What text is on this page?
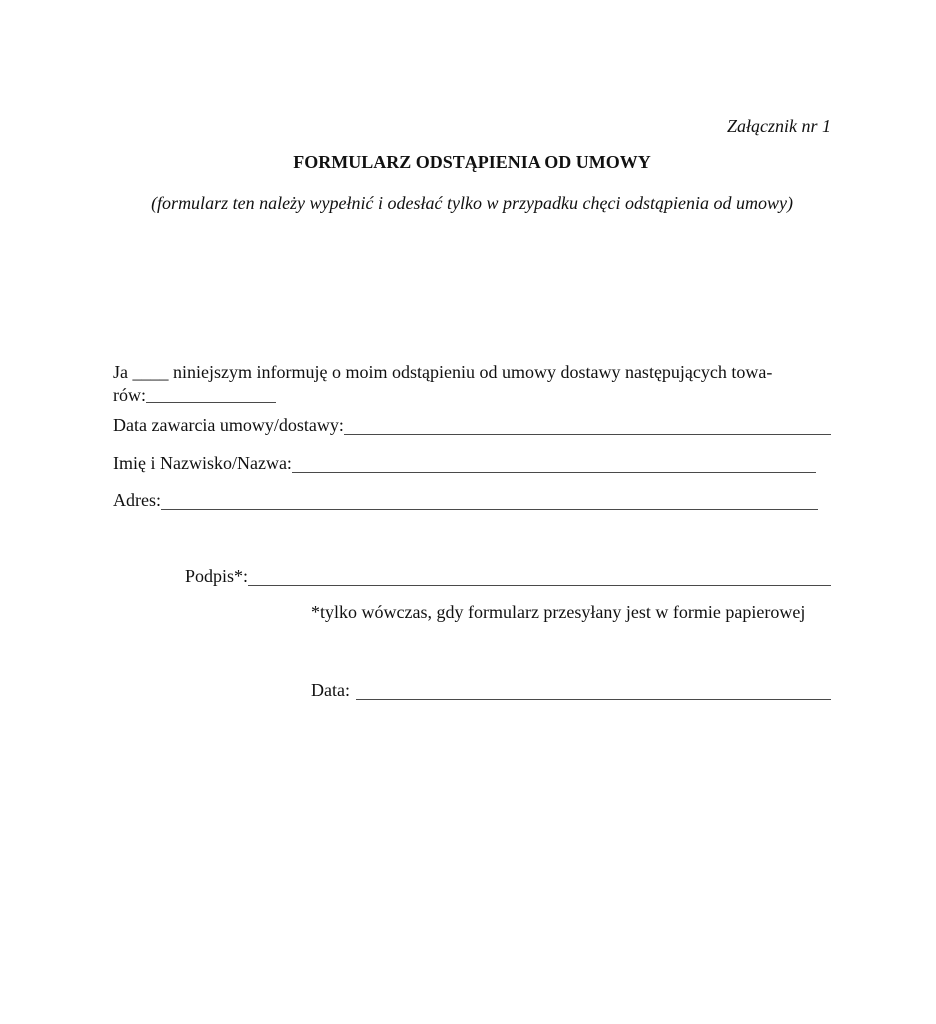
Załącznik nr 1
FORMULARZ ODSTĄPIENIA OD UMOWY
(formularz ten należy wypełnić i odesłać tylko w przypadku chęci odstąpienia od umowy)

Ja ____ niniejszym informuję o moim odstąpieniu od umowy dostawy następujących towa-
rów:

Data zawarcia umowy/dostawy:
Imię i Nazwisko/Nazwa:
Adres:
Podpis*:
*tylko wówczas, gdy formularz przesyłany jest w formie papierowej
Data:
